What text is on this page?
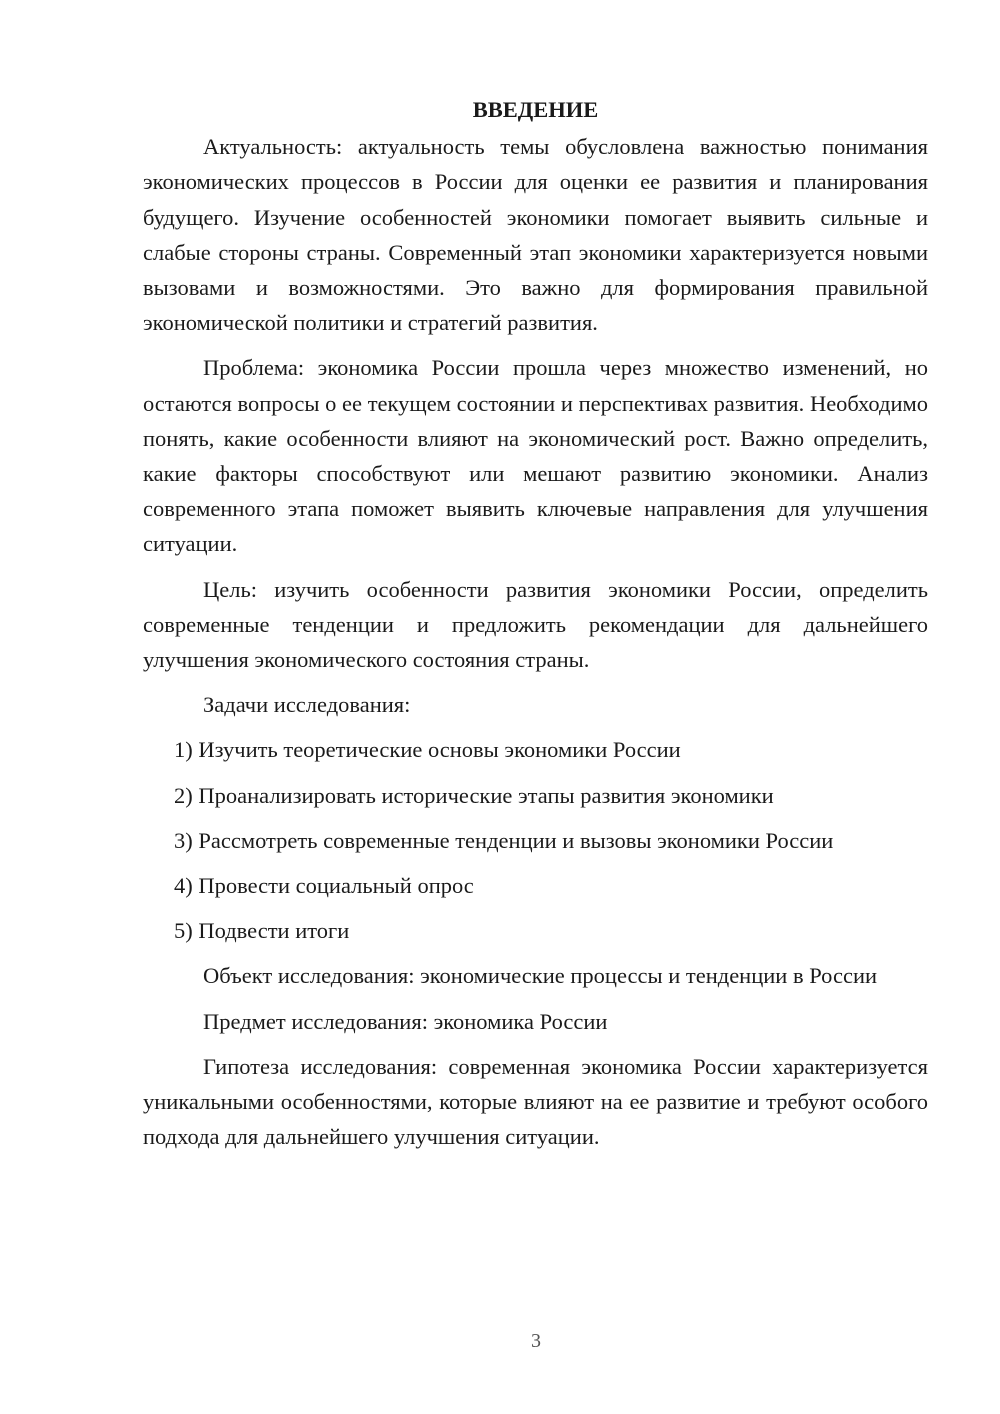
ВВЕДЕНИЕ

Актуальность: актуальность темы обусловлена важностью понимания экономических процессов в России для оценки ее развития и планирования будущего. Изучение особенностей экономики помогает выявить сильные и слабые стороны страны. Современный этап экономики характеризуется новыми вызовами и возможностями. Это важно для формирования правильной экономической политики и стратегий развития.

Проблема: экономика России прошла через множество изменений, но остаются вопросы о ее текущем состоянии и перспективах развития. Необходимо понять, какие особенности влияют на экономический рост. Важно определить, какие факторы способствуют или мешают развитию экономики. Анализ современного этапа поможет выявить ключевые направления для улучшения ситуации.

Цель: изучить особенности развития экономики России, определить современные тенденции и предложить рекомендации для дальнейшего улучшения экономического состояния страны.

Задачи исследования:

1) Изучить теоретические основы экономики России

2) Проанализировать исторические этапы развития экономики

3) Рассмотреть современные тенденции и вызовы экономики России

4) Провести социальный опрос

5) Подвести итоги

Объект исследования: экономические процессы и тенденции в России

Предмет исследования: экономика России

Гипотеза исследования: современная экономика России характеризуется уникальными особенностями, которые влияют на ее развитие и требуют особого подхода для дальнейшего улучшения ситуации.

3
